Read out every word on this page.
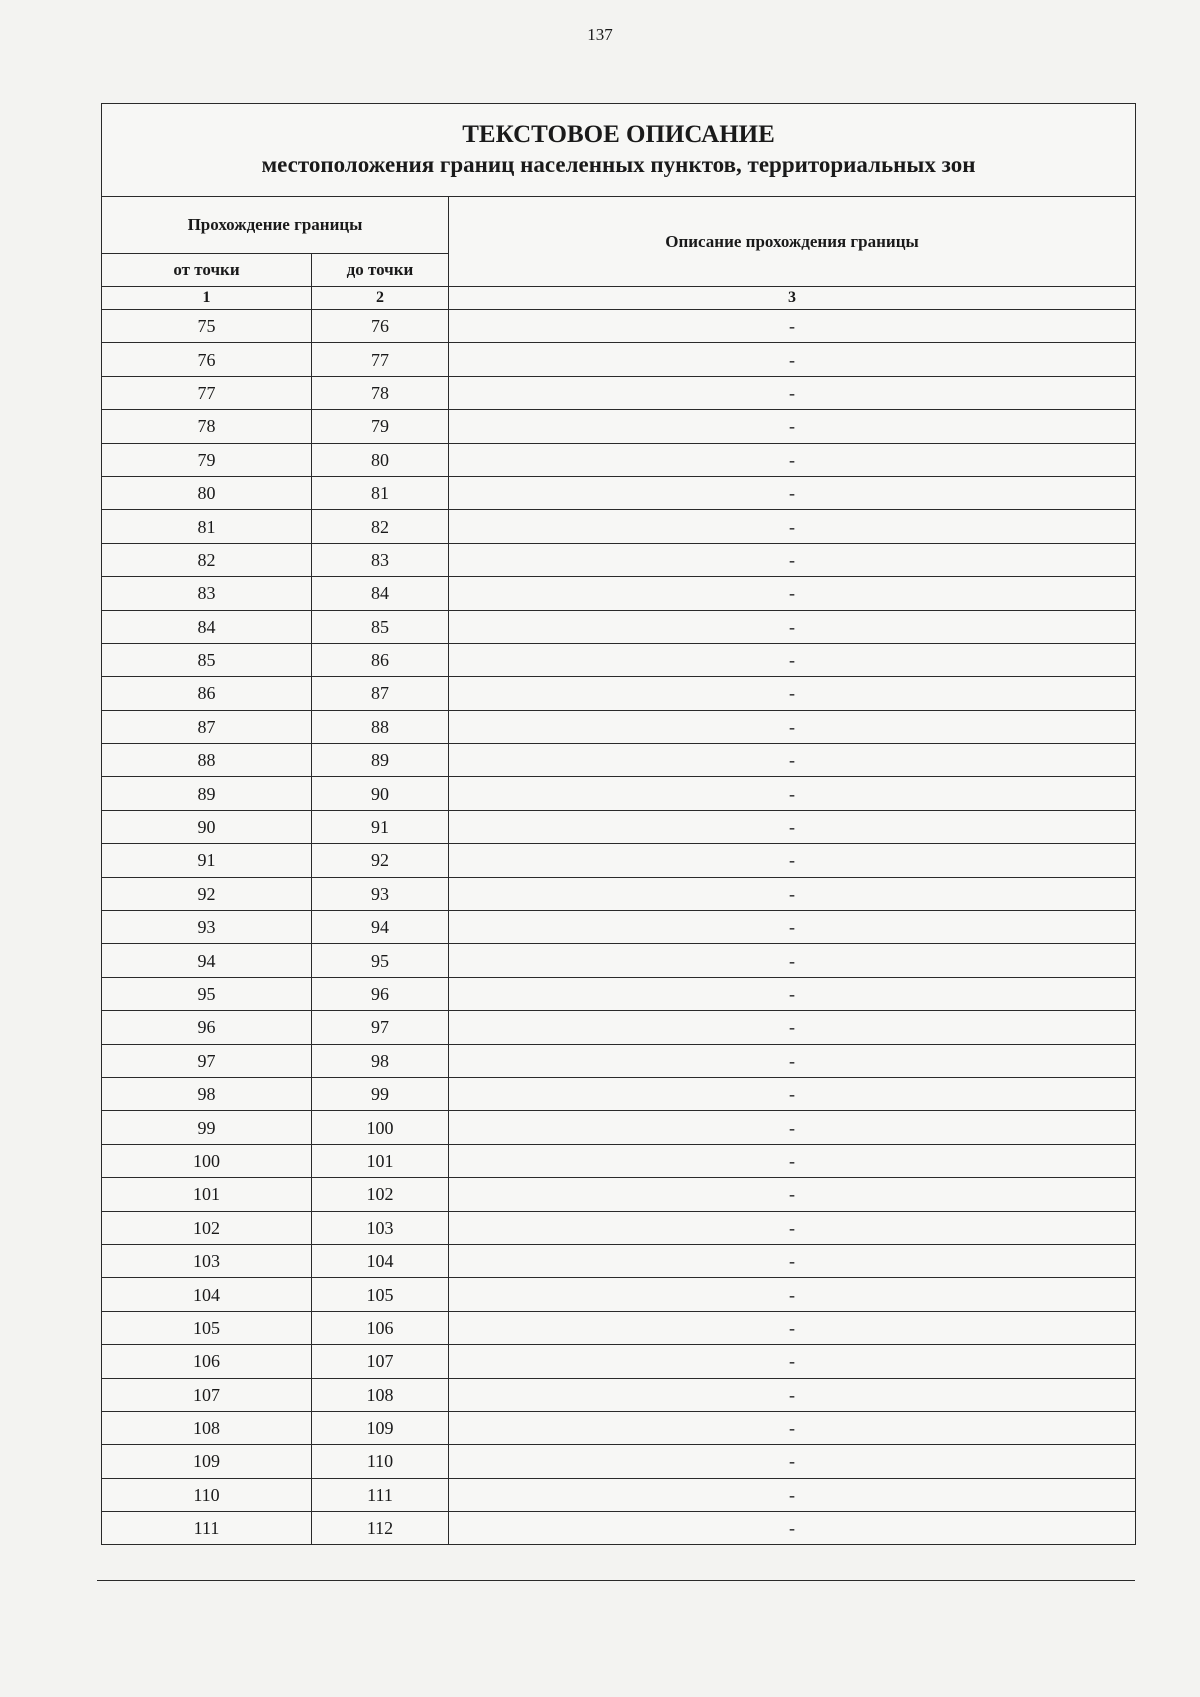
137
ТЕКСТОВОЕ ОПИСАНИЕ
местоположения границ населенных пунктов, территориальных зон		

Прохождение границы		Описание прохождения границы
от точки	до точки	
1	2	3
75	76	-
76	77	-
77	78	-
78	79	-
79	80	-
80	81	-
81	82	-
82	83	-
83	84	-
84	85	-
85	86	-
86	87	-
87	88	-
88	89	-
89	90	-
90	91	-
91	92	-
92	93	-
93	94	-
94	95	-
95	96	-
96	97	-
97	98	-
98	99	-
99	100	-
100	101	-
101	102	-
102	103	-
103	104	-
104	105	-
105	106	-
106	107	-
107	108	-
108	109	-
109	110	-
110	111	-
111	112	-
